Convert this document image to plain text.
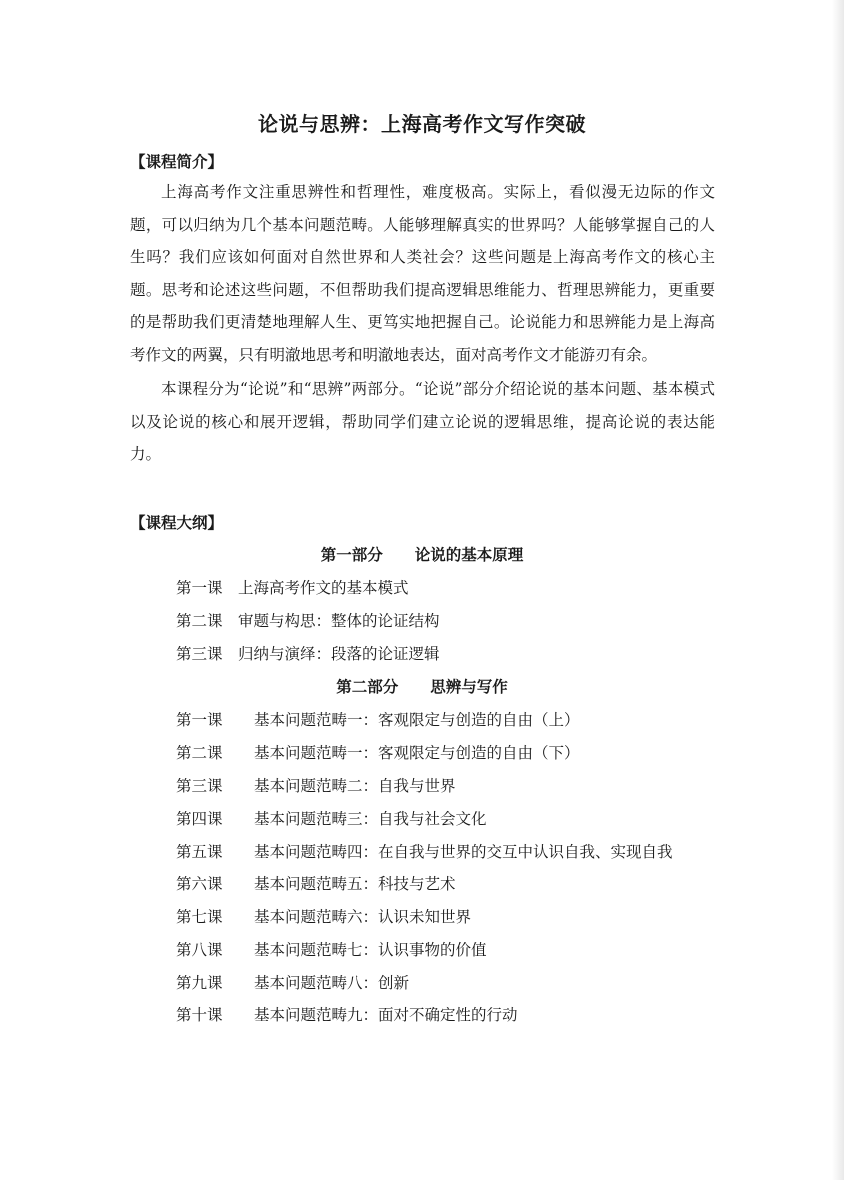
论说与思辨：上海高考作文写作突破
【课程简介】

上海高考作文注重思辨性和哲理性，难度极高。实际上，看似漫无边际的作文题，可以归纳为几个基本问题范畴。人能够理解真实的世界吗？人能够掌握自己的人生吗？我们应该如何面对自然世界和人类社会？这些问题是上海高考作文的核心主题。思考和论述这些问题，不但帮助我们提高逻辑思维能力、哲理思辨能力，更重要的是帮助我们更清楚地理解人生、更笃实地把握自己。论说能力和思辨能力是上海高考作文的两翼，只有明澈地思考和明澈地表达，面对高考作文才能游刃有余。

本课程分为“论说”和“思辨”两部分。“论说”部分介绍论说的基本问题、基本模式以及论说的核心和展开逻辑，帮助同学们建立论说的逻辑思维，提高论说的表达能力。

【课程大纲】
第一部分 论说的基本原理
第一课 上海高考作文的基本模式
第二课 审题与构思：整体的论证结构
第三课 归纳与演绎：段落的论证逻辑
第二部分 思辨与写作
第一课 基本问题范畴一：客观限定与创造的自由（上）
第二课 基本问题范畴一：客观限定与创造的自由（下）
第三课 基本问题范畴二：自我与世界
第四课 基本问题范畴三：自我与社会文化
第五课 基本问题范畴四：在自我与世界的交互中认识自我、实现自我
第六课 基本问题范畴五：科技与艺术
第七课 基本问题范畴六：认识未知世界
第八课 基本问题范畴七：认识事物的价值
第九课 基本问题范畴八：创新
第十课 基本问题范畴九：面对不确定性的行动
